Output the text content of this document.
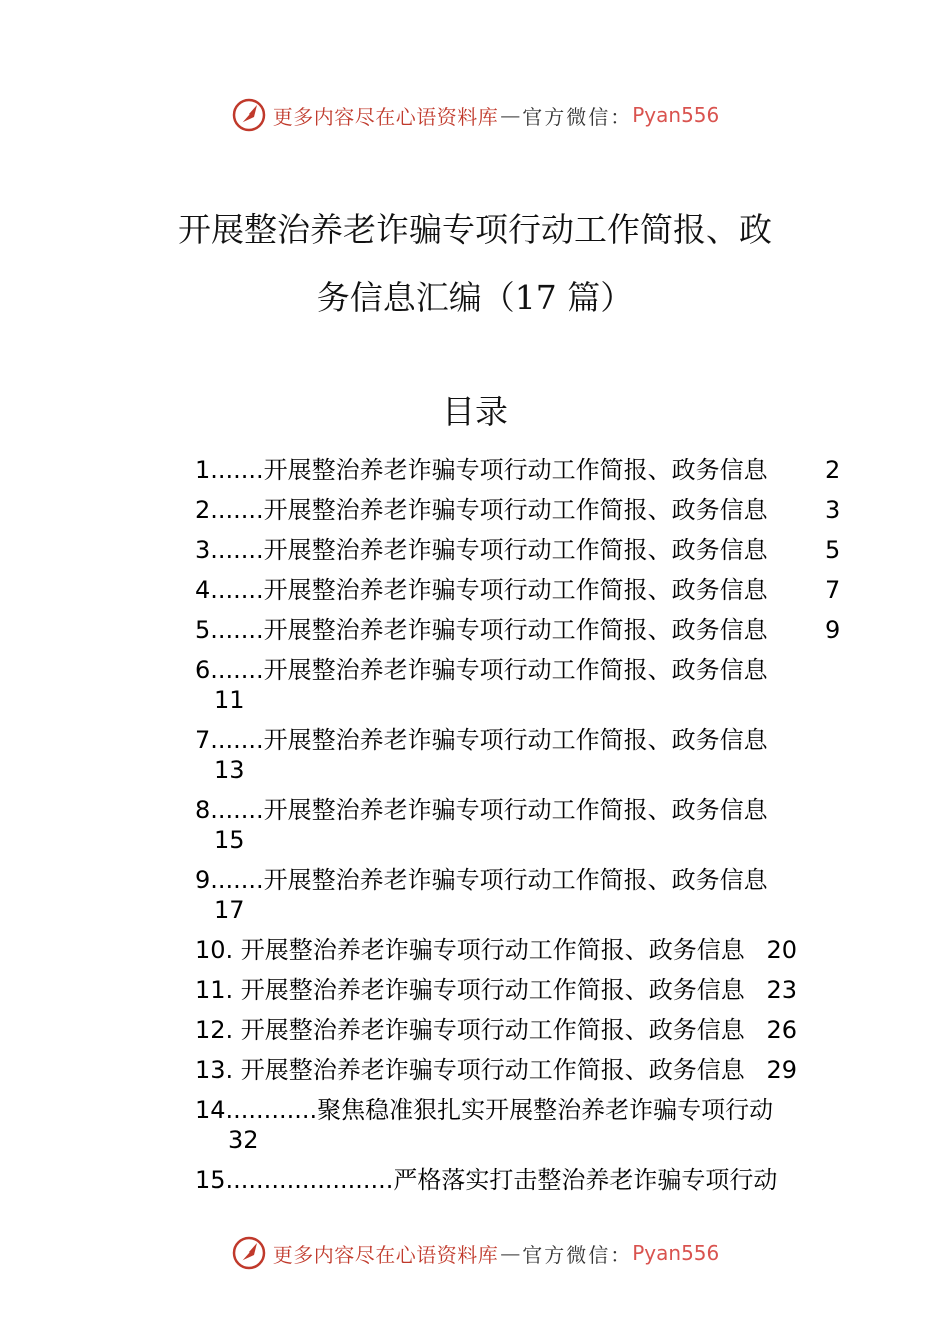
更多内容尽在心语资料库 — 官方微信： Pyan556
开展整治养老诈骗专项行动工作简报、政
务信息汇编（17 篇）
目录
1.......开展整治养老诈骗专项行动工作简报、政务信息 2
2.......开展整治养老诈骗专项行动工作简报、政务信息 3
3.......开展整治养老诈骗专项行动工作简报、政务信息 5
4.......开展整治养老诈骗专项行动工作简报、政务信息 7
5.......开展整治养老诈骗专项行动工作简报、政务信息 9
6.......开展整治养老诈骗专项行动工作简报、政务信息
11
7.......开展整治养老诈骗专项行动工作简报、政务信息
13
8.......开展整治养老诈骗专项行动工作简报、政务信息
15
9.......开展整治养老诈骗专项行动工作简报、政务信息
17
10. 开展整治养老诈骗专项行动工作简报、政务信息 20
11. 开展整治养老诈骗专项行动工作简报、政务信息 23
12. 开展整治养老诈骗专项行动工作简报、政务信息 26
13. 开展整治养老诈骗专项行动工作简报、政务信息 29
14............聚焦稳准狠扎实开展整治养老诈骗专项行动
32
15......................严格落实打击整治养老诈骗专项行动
更多内容尽在心语资料库 — 官方微信： Pyan556
